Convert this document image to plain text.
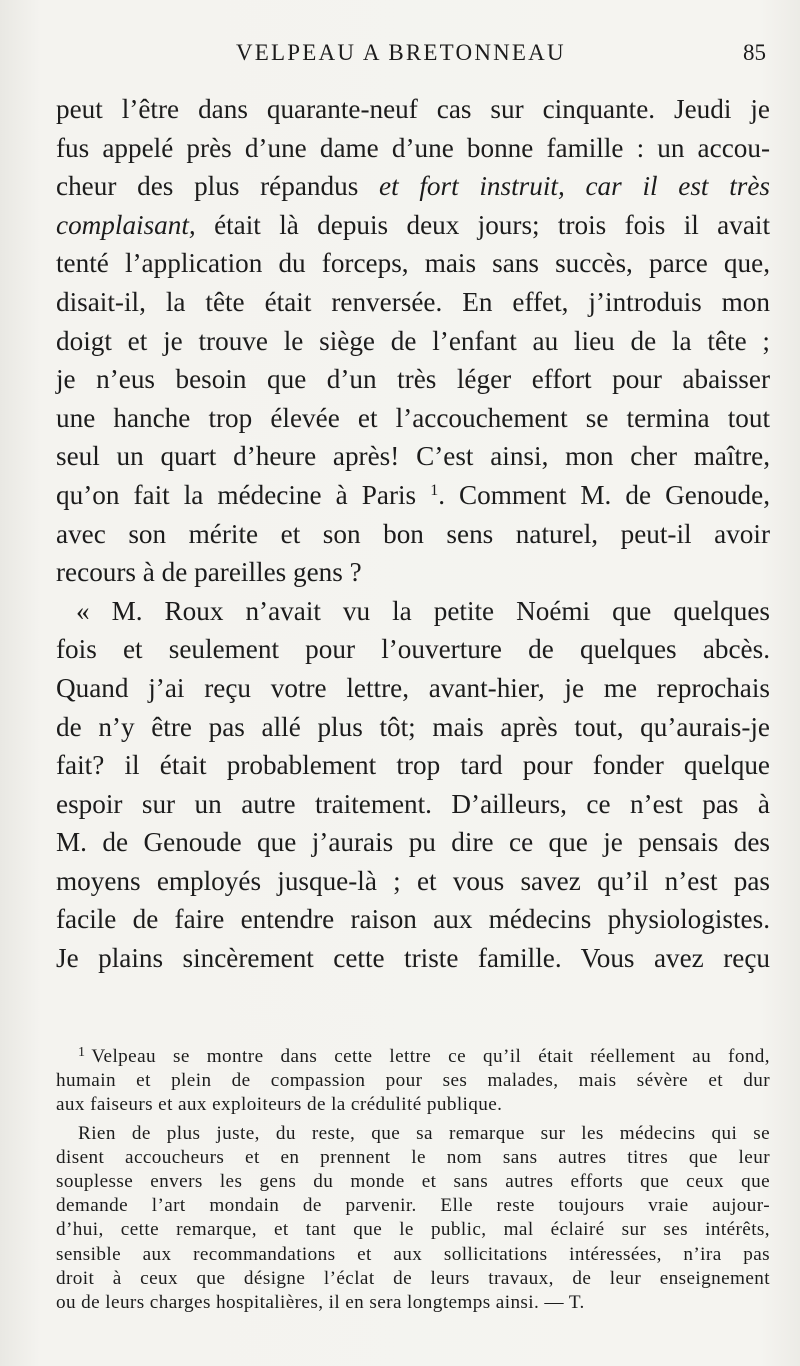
VELPEAU A BRETONNEAU	85
peut l’être dans quarante-neuf cas sur cinquante. Jeudi je
fus appelé près d’une dame d’une bonne famille : un accou-
cheur des plus répandus et fort instruit, car il est très
complaisant, était là depuis deux jours; trois fois il avait
tenté l’application du forceps, mais sans succès, parce que,
disait-il, la tête était renversée. En effet, j’introduis mon
doigt et je trouve le siège de l’enfant au lieu de la tête ;
je n’eus besoin que d’un très léger effort pour abaisser
une hanche trop élevée et l’accouchement se termina tout
seul un quart d’heure après! C’est ainsi, mon cher maître,
qu’on fait la médecine à Paris $^1$. Comment M. de Genoude,
avec son mérite et son bon sens naturel, peut-il avoir
recours à de pareilles gens ?
« M. Roux n’avait vu la petite Noémi que quelques
fois et seulement pour l’ouverture de quelques abcès.
Quand j’ai reçu votre lettre, avant-hier, je me reprochais
de n’y être pas allé plus tôt; mais après tout, qu’aurais-je
fait? il était probablement trop tard pour fonder quelque
espoir sur un autre traitement. D’ailleurs, ce n’est pas à
M. de Genoude que j’aurais pu dire ce que je pensais des
moyens employés jusque-là ; et vous savez qu’il n’est pas
facile de faire entendre raison aux médecins physiologistes.
Je plains sincèrement cette triste famille. Vous avez reçu
$^1$ Velpeau se montre dans cette lettre ce qu’il était réellement au fond,
humain et plein de compassion pour ses malades, mais sévère et dur
aux faiseurs et aux exploiteurs de la crédulité publique.
Rien de plus juste, du reste, que sa remarque sur les médecins qui se
disent accoucheurs et en prennent le nom sans autres titres que leur
souplesse envers les gens du monde et sans autres efforts que ceux que
demande l’art mondain de parvenir. Elle reste toujours vraie aujour-
d’hui, cette remarque, et tant que le public, mal éclairé sur ses intérêts,
sensible aux recommandations et aux sollicitations intéressées, n’ira pas
droit à ceux que désigne l’éclat de leurs travaux, de leur enseignement
ou de leurs charges hospitalières, il en sera longtemps ainsi. — T.
